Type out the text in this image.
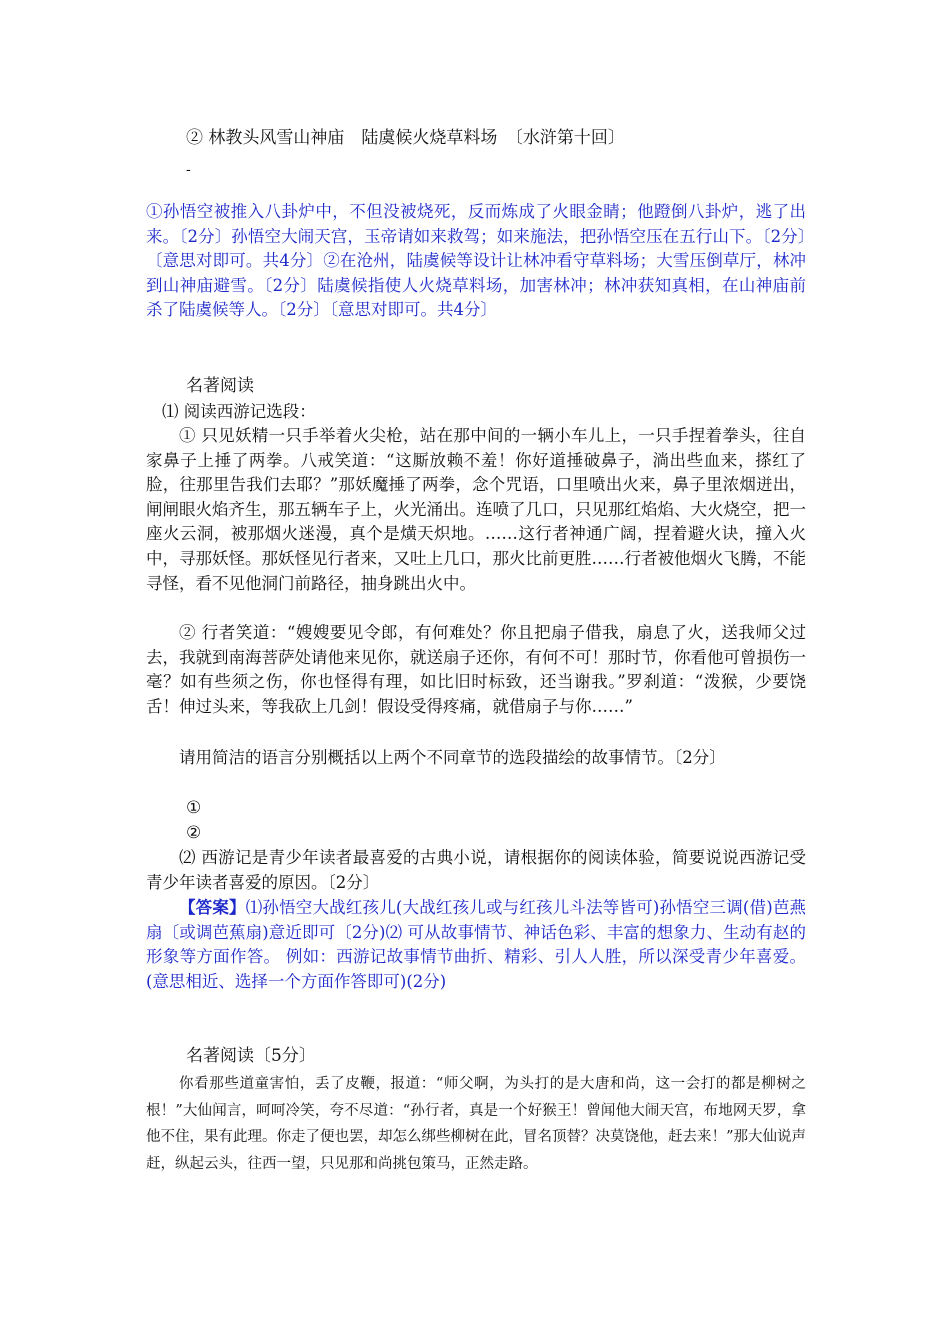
② 林教头风雪山神庙　陆虞候火烧草料场　〔水浒第十回〕
-

①孙悟空被推入八卦炉中，不但没被烧死，反而炼成了火眼金睛；他蹬倒八卦炉，逃了出来。〔2分〕孙悟空大闹天宫，玉帝请如来救驾；如来施法，把孙悟空压在五行山下。〔2分〕〔意思对即可。共4分〕②在沧州，陆虞候等设计让林冲看守草料场；大雪压倒草厅，林冲到山神庙避雪。〔2分〕陆虞候指使人火烧草料场，加害林冲；林冲获知真相，在山神庙前杀了陆虞候等人。〔2分〕〔意思对即可。共4分〕

名著阅读
⑴ 阅读西游记选段：

① 只见妖精一只手举着火尖枪，站在那中间的一辆小车儿上，一只手捏着拳头，往自家鼻子上捶了两拳。八戒笑道：“这厮放赖不羞！你好道捶破鼻子，淌出些血来，搽红了脸，往那里告我们去耶？”那妖魔捶了两拳，念个咒语，口里喷出火来，鼻子里浓烟迸出，闸闸眼火焰齐生，那五辆车子上，火光涌出。连喷了几口，只见那红焰焰、大火烧空，把一座火云洞，被那烟火迷漫，真个是熿天炽地。……这行者神通广阔，捏着避火诀，撞入火中，寻那妖怪。那妖怪见行者来，又吐上几口，那火比前更胜……行者被他烟火飞腾，不能寻怪，看不见他洞门前路径，抽身跳出火中。

② 行者笑道：“嫂嫂要见令郎，有何难处？你且把扇子借我，扇息了火，送我师父过去，我就到南海菩萨处请他来见你，就送扇子还你，有何不可！那时节，你看他可曾损伤一毫？如有些须之伤，你也怪得有理，如比旧时标致，还当谢我。”罗刹道：“泼猴，少要饶舌！伸过头来，等我砍上几剑！假设受得疼痛，就借扇子与你……”

请用简洁的语言分别概括以上两个不同章节的选段描绘的故事情节。〔2分〕

①
②

⑵ 西游记是青少年读者最喜爱的古典小说，请根据你的阅读体验，简要说说西游记受青少年读者喜爱的原因。〔2分〕

【答案】⑴孙悟空大战红孩儿(大战红孩儿或与红孩儿斗法等皆可)孙悟空三调(借)芭燕扇〔或调芭蕉扇)意近即可〔2分)⑵ 可从故事情节、神话色彩、丰富的想象力、生动有赵的形象等方面作答。 例如：西游记故事情节曲折、精彩、引人人胜，所以深受青少年喜爱。(意思相近、选择一个方面作答即可)(2分)

名著阅读〔5分〕

你看那些道童害怕，丢了皮鞭，报道：“师父啊，为头打的是大唐和尚，这一会打的都是柳树之根！”大仙闻言，呵呵冷笑，夸不尽道：“孙行者，真是一个好猴王！曾闻他大闹天宫，布地网天罗，拿他不住，果有此理。你走了便也罢，却怎么绑些柳树在此，冒名顶替？决莫饶他，赶去来！”那大仙说声赶，纵起云头，往西一望，只见那和尚挑包策马，正然走路。
